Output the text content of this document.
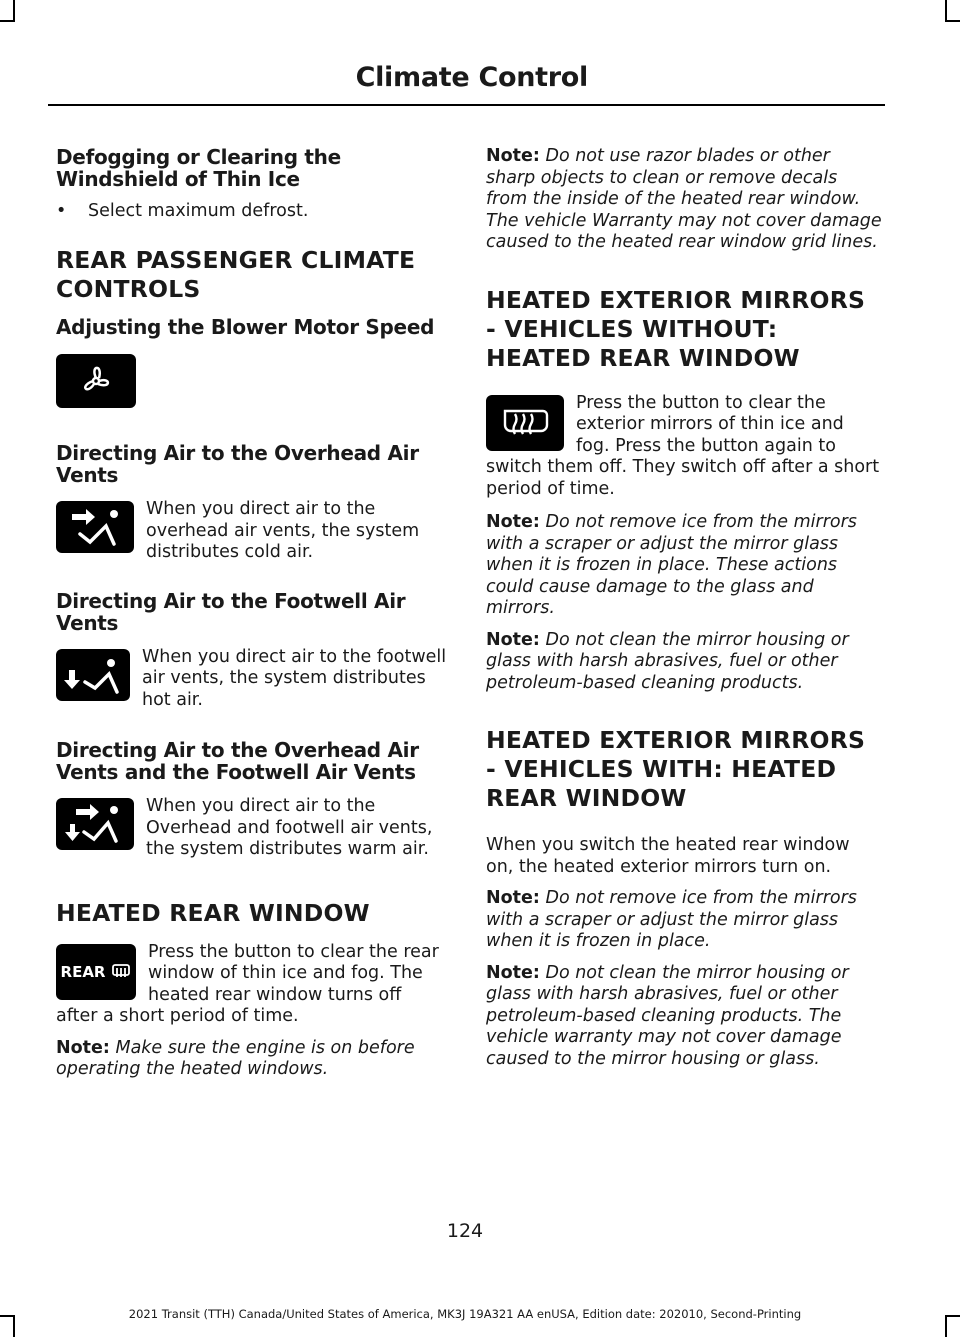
Climate Control
Defogging or Clearing the Windshield of Thin Ice
•	Select maximum defrost.
REAR PASSENGER CLIMATE CONTROLS
Adjusting the Blower Motor Speed
Directing Air to the Overhead Air Vents

When you direct air to the overhead air vents, the system distributes cold air.

Directing Air to the Footwell Air Vents

When you direct air to the footwell air vents, the system distributes hot air.

Directing Air to the Overhead Air Vents and the Footwell Air Vents

When you direct air to the Overhead and footwell air vents, the system distributes warm air.

HEATED REAR WINDOW
REAR

Press the button to clear the rear window of thin ice and fog. The heated rear window turns off after a short period of time.

Note: Make sure the engine is on before operating the heated windows.

Note: Do not use razor blades or other sharp objects to clean or remove decals from the inside of the heated rear window. The vehicle Warranty may not cover damage caused to the heated rear window grid lines.

HEATED EXTERIOR MIRRORS - VEHICLES WITHOUT: HEATED REAR WINDOW

Press the button to clear the exterior mirrors of thin ice and fog. Press the button again to switch them off. They switch off after a short period of time.

Note: Do not remove ice from the mirrors with a scraper or adjust the mirror glass when it is frozen in place. These actions could cause damage to the glass and mirrors.

Note: Do not clean the mirror housing or glass with harsh abrasives, fuel or other petroleum-based cleaning products.

HEATED EXTERIOR MIRRORS - VEHICLES WITH: HEATED REAR WINDOW

When you switch the heated rear window on, the heated exterior mirrors turn on.

Note: Do not remove ice from the mirrors with a scraper or adjust the mirror glass when it is frozen in place.

Note: Do not clean the mirror housing or glass with harsh abrasives, fuel or other petroleum-based cleaning products. The vehicle warranty may not cover damage caused to the mirror housing or glass.

124
2021 Transit (TTH) Canada/United States of America, MK3J 19A321 AA enUSA, Edition date: 202010, Second-Printing
